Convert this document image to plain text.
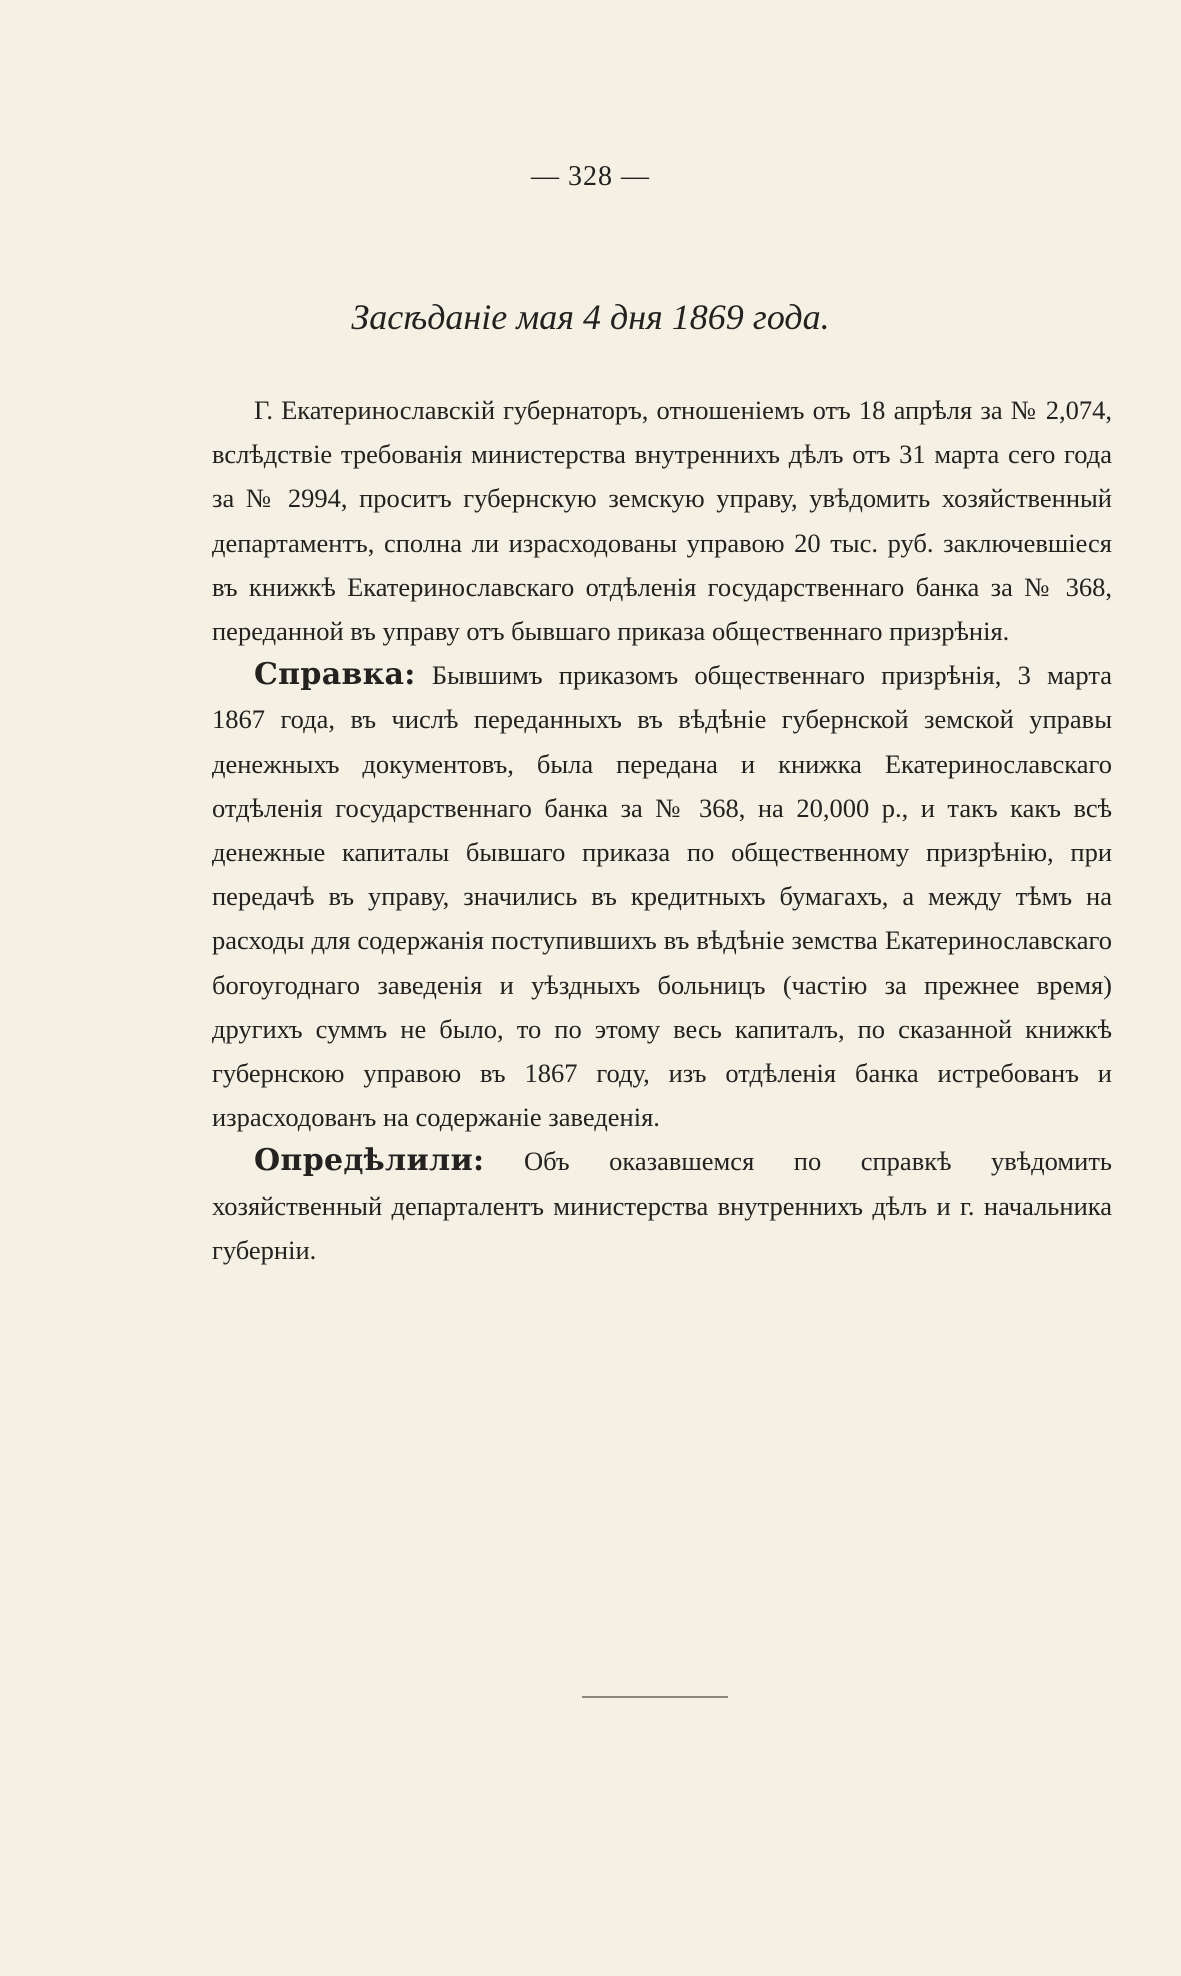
— 328 —
Засѣданіе мая 4 дня 1869 года.

Г. Екатеринославскій губернаторъ, отношеніемъ отъ 18 апрѣля за № 2,074, вслѣдствіе требованія министерства внутреннихъ дѣлъ отъ 31 марта сего года за № 2994, проситъ губернскую земскую управу, увѣдомить хозяйственный департаментъ, сполна ли израсходованы управою 20 тыс. руб. заключевшіеся въ книжкѣ Екатеринославскаго отдѣленія государственнаго банка за № 368, переданной въ управу отъ бывшаго приказа общественнаго призрѣнія.

Справка: Бывшимъ приказомъ общественнаго призрѣнія, 3 марта 1867 года, въ числѣ переданныхъ въ вѣдѣніе губернской земской управы денежныхъ документовъ, была передана и книжка Екатеринославскаго отдѣленія государственнаго банка за № 368, на 20,000 р., и такъ какъ всѣ денежные капиталы бывшаго приказа по общественному призрѣнію, при передачѣ въ управу, значились въ кредитныхъ бумагахъ, а между тѣмъ на расходы для содержанія поступившихъ въ вѣдѣніе земства Екатеринославскаго богоугоднаго заведенія и уѣздныхъ больницъ (частію за прежнее время) другихъ суммъ не было, то по этому весь капиталъ, по сказанной книжкѣ губернскою управою въ 1867 году, изъ отдѣленія банка истребованъ и израсходованъ на содержаніе заведенія.

Опредѣлили: Объ оказавшемся по справкѣ увѣдомить хозяйственный департалентъ министерства внутреннихъ дѣлъ и г. начальника губерніи.
